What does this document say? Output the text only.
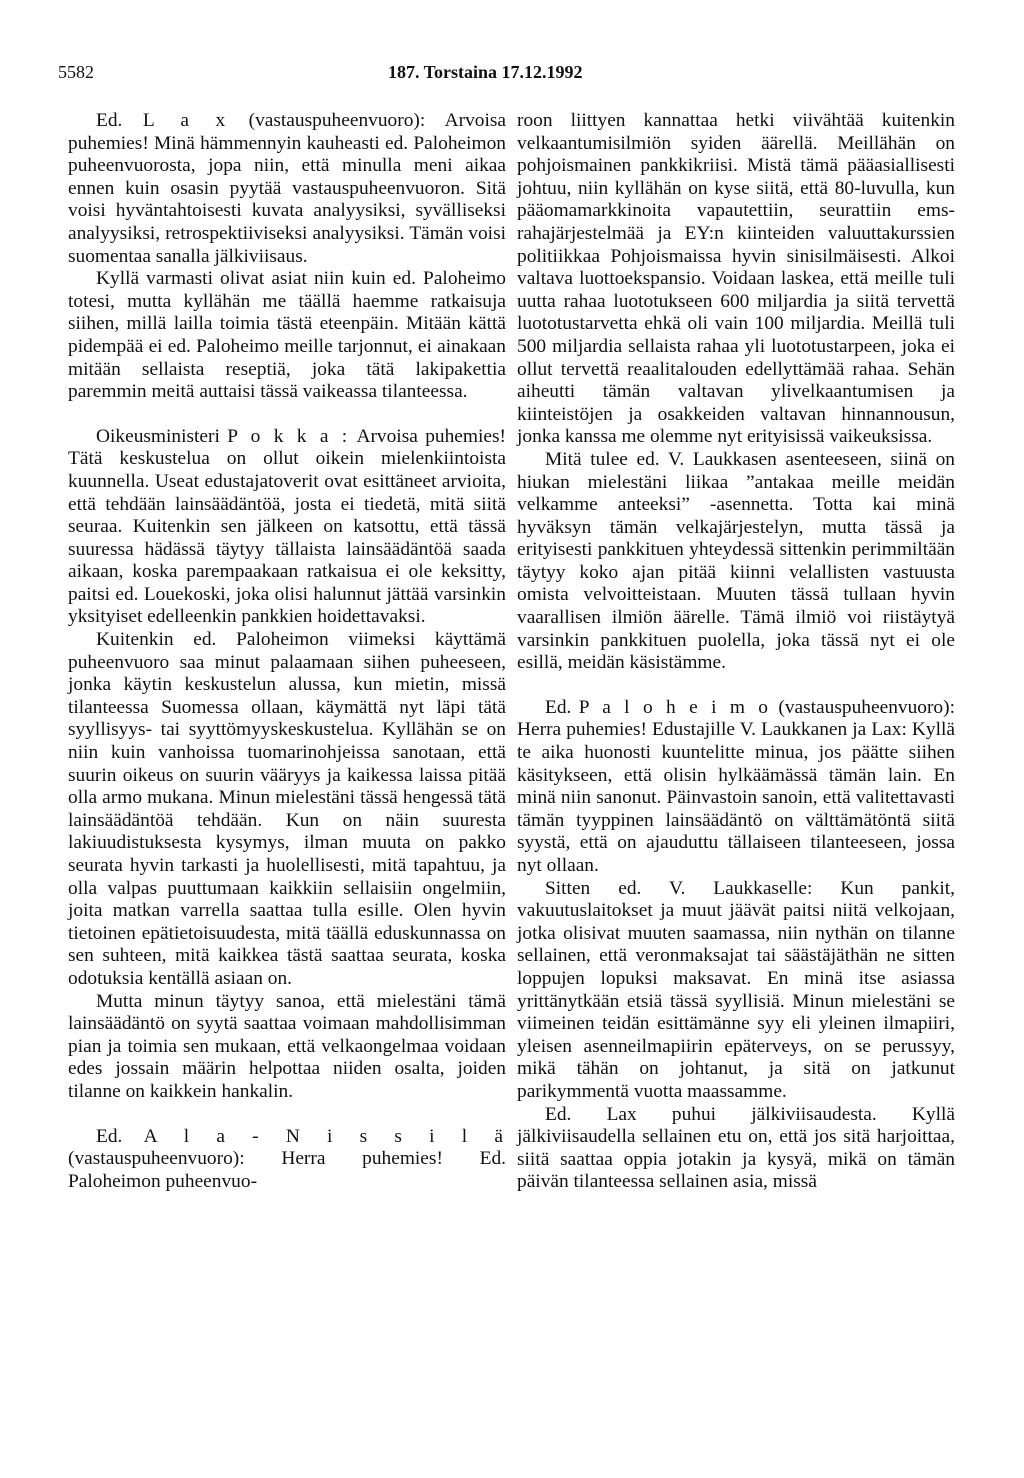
5582	187. Torstaina 17.12.1992

Ed. L a x (vastauspuheenvuoro): Arvoisa puhemies! Minä hämmennyin kauheasti ed. Paloheimon puheenvuorosta, jopa niin, että minulla meni aikaa ennen kuin osasin pyytää vastauspuheenvuoron. Sitä voisi hyväntahtoisesti kuvata analyysiksi, syvälliseksi analyysiksi, retrospektiiviseksi analyysiksi. Tämän voisi suomentaa sanalla jälkiviisaus.

Kyllä varmasti olivat asiat niin kuin ed. Paloheimo totesi, mutta kyllähän me täällä haemme ratkaisuja siihen, millä lailla toimia tästä eteenpäin. Mitään kättä pidempää ei ed. Paloheimo meille tarjonnut, ei ainakaan mitään sellaista reseptiä, joka tätä lakipakettia paremmin meitä auttaisi tässä vaikeassa tilanteessa.

Oikeusministeri P o k k a : Arvoisa puhemies! Tätä keskustelua on ollut oikein mielenkiintoista kuunnella. Useat edustajatoverit ovat esittäneet arvioita, että tehdään lainsäädäntöä, josta ei tiedetä, mitä siitä seuraa. Kuitenkin sen jälkeen on katsottu, että tässä suuressa hädässä täytyy tällaista lainsäädäntöä saada aikaan, koska parempaakaan ratkaisua ei ole keksitty, paitsi ed. Louekoski, joka olisi halunnut jättää varsinkin yksityiset edelleenkin pankkien hoidettavaksi.

Kuitenkin ed. Paloheimon viimeksi käyttämä puheenvuoro saa minut palaamaan siihen puheeseen, jonka käytin keskustelun alussa, kun mietin, missä tilanteessa Suomessa ollaan, käymättä nyt läpi tätä syyllisyys- tai syyttömyyskeskustelua. Kyllähän se on niin kuin vanhoissa tuomarinohjeissa sanotaan, että suurin oikeus on suurin vääryys ja kaikessa laissa pitää olla armo mukana. Minun mielestäni tässä hengessä tätä lainsäädäntöä tehdään. Kun on näin suuresta lakiuudistuksesta kysymys, ilman muuta on pakko seurata hyvin tarkasti ja huolellisesti, mitä tapahtuu, ja olla valpas puuttumaan kaikkiin sellaisiin ongelmiin, joita matkan varrella saattaa tulla esille. Olen hyvin tietoinen epätietoisuudesta, mitä täällä eduskunnassa on sen suhteen, mitä kaikkea tästä saattaa seurata, koska odotuksia kentällä asiaan on.

Mutta minun täytyy sanoa, että mielestäni tämä lainsäädäntö on syytä saattaa voimaan mahdollisimman pian ja toimia sen mukaan, että velkaongelmaa voidaan edes jossain määrin helpottaa niiden osalta, joiden tilanne on kaikkein hankalin.

Ed. A l a - N i s s i l ä (vastauspuheenvuoro): Herra puhemies! Ed. Paloheimon puheenvuo-

roon liittyen kannattaa hetki viivähtää kuitenkin velkaantumisilmiön syiden äärellä. Meillähän on pohjoismainen pankkikriisi. Mistä tämä pääasiallisesti johtuu, niin kyllähän on kyse siitä, että 80-luvulla, kun pääomamarkkinoita vapautettiin, seurattiin ems-rahajärjestelmää ja EY:n kiinteiden valuuttakurssien politiikkaa Pohjoismaissa hyvin sinisilmäisesti. Alkoi valtava luottoekspansio. Voidaan laskea, että meille tuli uutta rahaa luototukseen 600 miljardia ja siitä tervettä luototustarvetta ehkä oli vain 100 miljardia. Meillä tuli 500 miljardia sellaista rahaa yli luototustarpeen, joka ei ollut tervettä reaalitalouden edellyttämää rahaa. Sehän aiheutti tämän valtavan ylivelkaantumisen ja kiinteistöjen ja osakkeiden valtavan hinnannousun, jonka kanssa me olemme nyt erityisissä vaikeuksissa.

Mitä tulee ed. V. Laukkasen asenteeseen, siinä on hiukan mielestäni liikaa ”antakaa meille meidän velkamme anteeksi” -asennetta. Totta kai minä hyväksyn tämän velkajärjestelyn, mutta tässä ja erityisesti pankkituen yhteydessä sittenkin perimmiltään täytyy koko ajan pitää kiinni velallisten vastuusta omista velvoitteistaan. Muuten tässä tullaan hyvin vaarallisen ilmiön äärelle. Tämä ilmiö voi riistäytyä varsinkin pankkituen puolella, joka tässä nyt ei ole esillä, meidän käsistämme.

Ed. P a l o h e i m o (vastauspuheenvuoro): Herra puhemies! Edustajille V. Laukkanen ja Lax: Kyllä te aika huonosti kuuntelitte minua, jos päätte siihen käsitykseen, että olisin hylkäämässä tämän lain. En minä niin sanonut. Päinvastoin sanoin, että valitettavasti tämän tyyppinen lainsäädäntö on välttämätöntä siitä syystä, että on ajauduttu tällaiseen tilanteeseen, jossa nyt ollaan.

Sitten ed. V. Laukkaselle: Kun pankit, vakuutuslaitokset ja muut jäävät paitsi niitä velkojaan, jotka olisivat muuten saamassa, niin nythän on tilanne sellainen, että veronmaksajat tai säästäjäthän ne sitten loppujen lopuksi maksavat. En minä itse asiassa yrittänytkään etsiä tässä syyllisiä. Minun mielestäni se viimeinen teidän esittämänne syy eli yleinen ilmapiiri, yleisen asenneilmapiirin epäterveys, on se perussyy, mikä tähän on johtanut, ja sitä on jatkunut parikymmentä vuotta maassamme.

Ed. Lax puhui jälkiviisaudesta. Kyllä jälkiviisaudella sellainen etu on, että jos sitä harjoittaa, siitä saattaa oppia jotakin ja kysyä, mikä on tämän päivän tilanteessa sellainen asia, missä
